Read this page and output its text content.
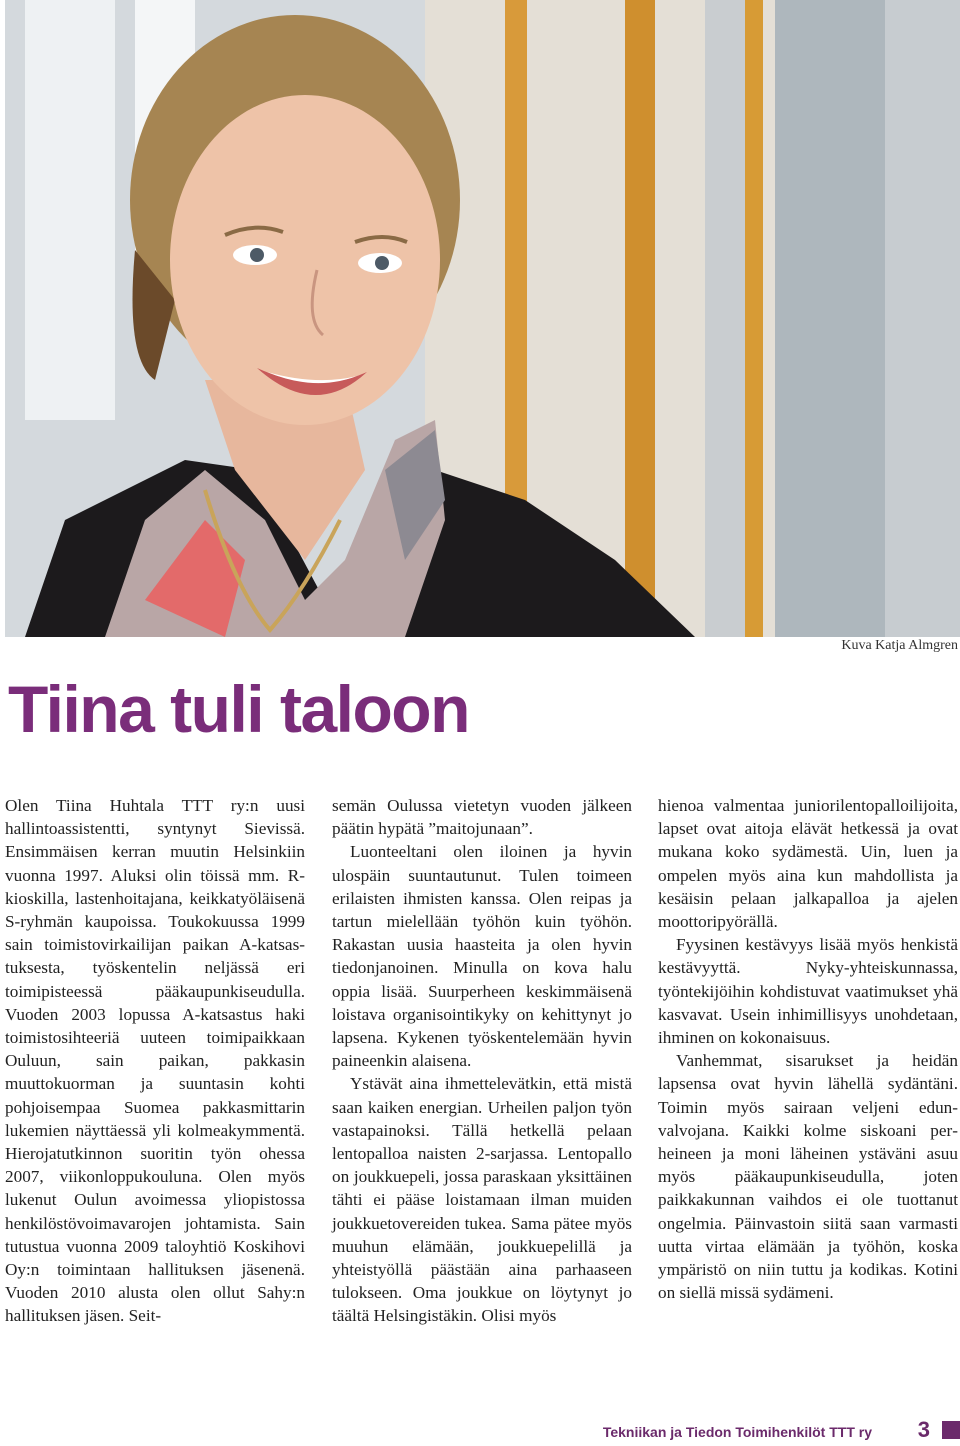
Kuva Katja Almgren
Tiina tuli taloon

Olen Tiina Huhtala TTT ry:n uusi hallintoassistentti, syntynyt Sievissä. Ensimmäisen kerran muutin Helsinkiin vuonna 1997. Aluksi olin töissä mm. R-kioskilla, lastenhoitajana, keikkatyöläisenä S-ryhmän kaupoissa. Toukokuussa 1999 sain toimistovirkailijan paikan A-katsastuksesta, työskentelin neljässä eri toimipisteessä pääkaupunkiseudulla. Vuoden 2003 lopussa A-katsastus haki toimistosihteeriä uuteen toimipaikkaan Ouluun, sain paikan, pakkasin muuttokuorman ja suuntasin kohti pohjoisempaa Suomea pakkasmittarin lukemien näyttäessä yli kolmeakymmentä. Hierojatutkinnon suoritin työn ohessa 2007, viikonloppukouluna. Olen myös lukenut Oulun avoimessa yliopistossa henkilöstövoimavarojen johtamista. Sain tutustua vuonna 2009 taloyhtiö Koskihovi Oy:n toimintaan hallituksen jäsenenä. Vuoden 2010 alusta olen ollut Sahy:n hallituksen jäsen. Seit-

semän Oulussa vietetyn vuoden jälkeen päätin hypätä ”maitojunaan”.

Luonteeltani olen iloinen ja hyvin ulospäin suuntautunut. Tulen toimeen erilaisten ihmisten kanssa. Olen reipas ja tartun mielellään työhön kuin työhön. Rakastan uusia haasteita ja olen hyvin tiedonjanoinen. Minulla on kova halu oppia lisää. Suurperheen keskimmäisenä loistava organisointikyky on kehittynyt jo lapsena. Kykenen työskentelemään hyvin paineenkin alaisena.

Ystävät aina ihmettelevätkin, että mistä saan kaiken energian. Urheilen paljon työn vastapainoksi. Tällä hetkellä pelaan lentopalloa naisten 2-sarjassa. Lentopallo on joukkuepeli, jossa paraskaan yksittäinen tähti ei pääse loistamaan ilman muiden joukkuetovereiden tukea. Sama pätee myös muuhun elämään, joukkuepelillä ja yhteistyöllä päästään aina parhaaseen tulokseen. Oma joukkue on löytynyt jo täältä Helsingistäkin. Olisi myös

hienoa valmentaa juniorilentopalloilijoita, lapset ovat aitoja elävät hetkessä ja ovat mukana koko sydämestä. Uin, luen ja ompelen myös aina kun mahdollista ja kesäisin pelaan jalkapalloa ja ajelen moottoripyörällä.

Fyysinen kestävyys lisää myös henkistä kestävyyttä. Nyky-yhteiskunnassa, työntekijöihin kohdistuvat vaatimukset yhä kasvavat. Usein inhimillisyys unohdetaan, ihminen on kokonaisuus.

Vanhemmat, sisarukset ja heidän lapsensa ovat hyvin lähellä sydäntäni. Toimin myös sairaan veljeni edunvalvojana. Kaikki kolme siskoani perheineen ja moni läheinen ystäväni asuu myös pääkaupunkiseudulla, joten paikkakunnan vaihdos ei ole tuottanut ongelmia. Päinvastoin siitä saan varmasti uutta virtaa elämään ja työhön, koska ympäristö on niin tuttu ja kodikas. Kotini on siellä missä sydämeni.

Tekniikan ja Tiedon Toimihenkilöt TTT ry 3
